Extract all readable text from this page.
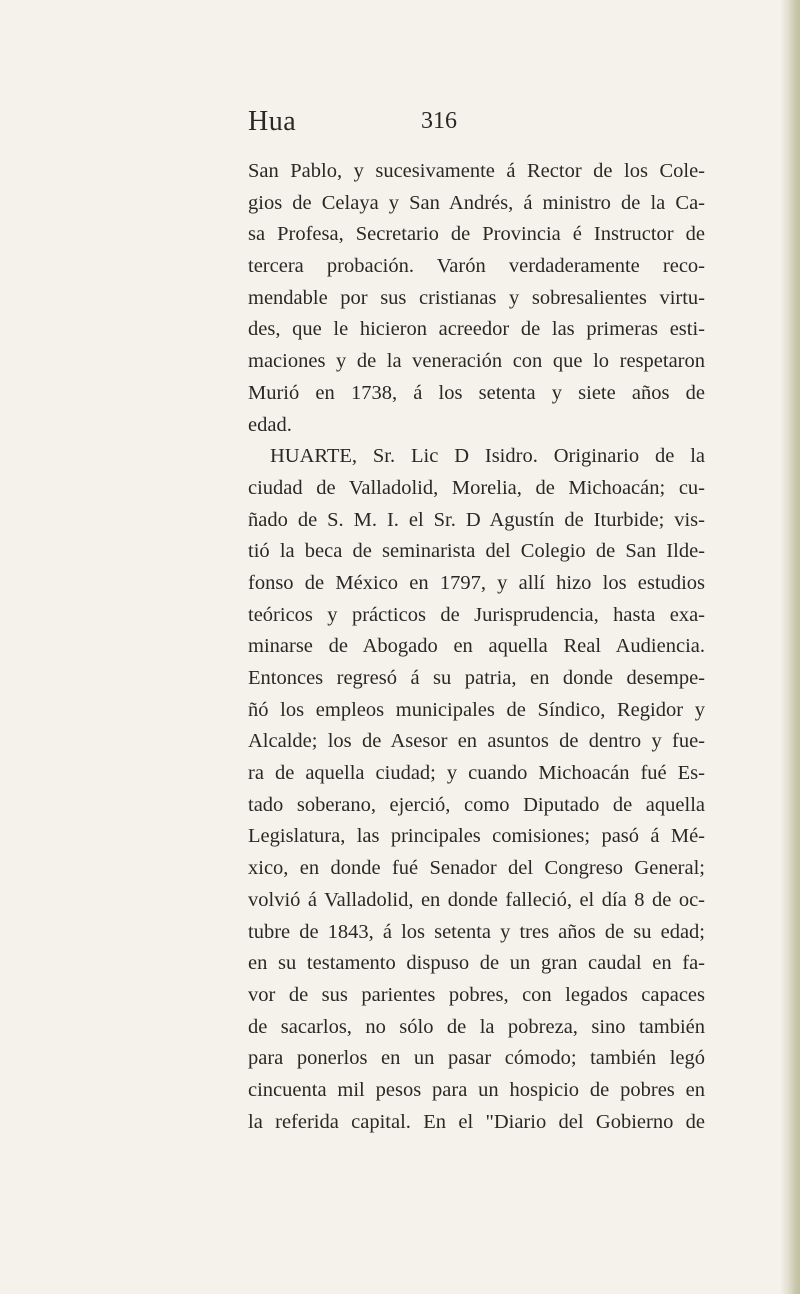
Hua	316
San Pablo, y sucesivamente á Rector de los Cole-
gios de Celaya y San Andrés, á ministro de la Ca-
sa Profesa, Secretario de Provincia é Instructor de
tercera probación. Varón verdaderamente reco-
mendable por sus cristianas y sobresalientes virtu-
des, que le hicieron acreedor de las primeras esti-
maciones y de la veneración con que lo respetaron
Murió en 1738, á los setenta y siete años de
edad.
HUARTE, Sr. Lic D Isidro. Originario de la
ciudad de Valladolid, Morelia, de Michoacán; cu-
ñado de S. M. I. el Sr. D Agustín de Iturbide; vis-
tió la beca de seminarista del Colegio de San Ilde-
fonso de México en 1797, y allí hizo los estudios
teóricos y prácticos de Jurisprudencia, hasta exa-
minarse de Abogado en aquella Real Audiencia.
Entonces regresó á su patria, en donde desempe-
ñó los empleos municipales de Síndico, Regidor y
Alcalde; los de Asesor en asuntos de dentro y fue-
ra de aquella ciudad; y cuando Michoacán fué Es-
tado soberano, ejerció, como Diputado de aquella
Legislatura, las principales comisiones; pasó á Mé-
xico, en donde fué Senador del Congreso General;
volvió á Valladolid, en donde falleció, el día 8 de oc-
tubre de 1843, á los setenta y tres años de su edad;
en su testamento dispuso de un gran caudal en fa-
vor de sus parientes pobres, con legados capaces
de sacarlos, no sólo de la pobreza, sino también
para ponerlos en un pasar cómodo; también legó
cincuenta mil pesos para un hospicio de pobres en
la referida capital. En el "Diario del Gobierno de
